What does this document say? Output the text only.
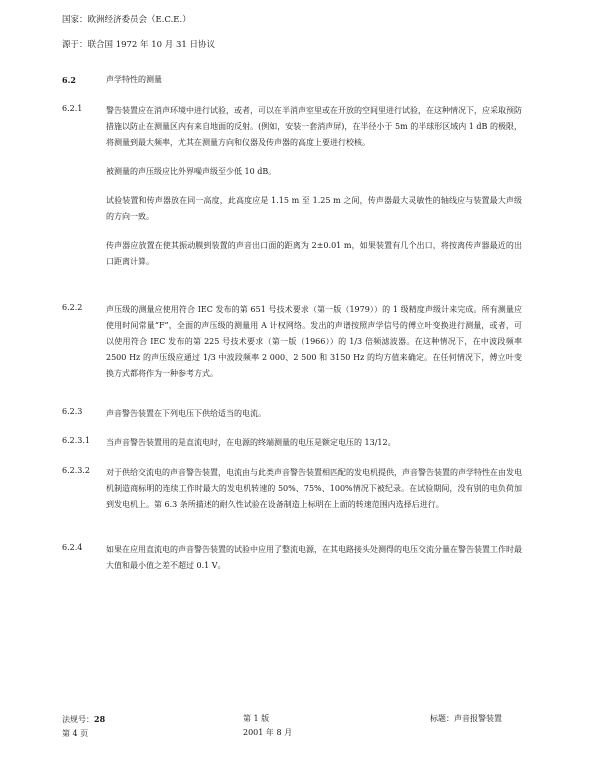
国家：欧洲经济委员会（E.C.E.）
源于：联合国 1972 年 10 月 31 日协议
6.2	声学特性的测量
6.2.1	警告装置应在消声环境中进行试验，或者，可以在半消声室里或在开放的空间里进行试验，在这种情况下，应采取预防措施以防止在测量区内有来自地面的反射。(例如，安装一套消声屏)，在半径小于 5m 的半球形区域内 1 dB 的极限，将测量到最大频率，尤其在测量方向和仪器及传声器的高度上要进行校核。

被测量的声压级应比外界噪声级至少低 10 dB。

试验装置和传声器放在同一高度，此高度应是 1.15 m 至 1.25 m 之间，传声器最大灵敏性的轴线应与装置最大声级的方向一致。

传声器应放置在使其振动膜到装置的声音出口面的距离为 2±0.01 m，如果装置有几个出口，将按离传声器最近的出口距离计算。

6.2.2	声压级的测量应使用符合 IEC 发布的第 651 号技术要求（第一版（1979））的 1 级精度声级计来完成。所有测量应使用时间常量“F”，全面的声压级的测量用 A 计权网络。发出的声谱按照声学信号的傅立叶变换进行测量，或者，可以使用符合 IEC 发布的第 225 号技术要求（第一版（1966））的 1/3 倍频滤波器。在这种情况下，在中波段频率 2500 Hz 的声压级应通过 1/3 中波段频率 2 000、2 500 和 3150 Hz 的均方值来确定。在任何情况下，傅立叶变换方式都将作为一种参考方式。

6.2.3	声音警告装置在下列电压下供给适当的电流。

6.2.3.1 当声音警告装置用的是直流电时，在电源的终端测量的电压是额定电压的 13/12。

6.2.3.2 对于供给交流电的声音警告装置，电流由与此类声音警告装置相匹配的发电机提供，声音警告装置的声学特性在由发电机制造商标明的连续工作时最大的发电机转速的 50%、75%、100%情况下被纪录。在试验期间，没有别的电负荷加到发电机上。第 6.3 条所描述的耐久性试验在设备制造上标明在上面的转速范围内选择后进行。

6.2.4	如果在应用直流电的声音警告装置的试验中应用了整流电源，在其电路接头处测得的电压交流分量在警告装置工作时最大值和最小值之差不超过 0.1 V。

法规号：28
第 4 页
第 1 版
2001 年 8 月
标题：声音报警装置
